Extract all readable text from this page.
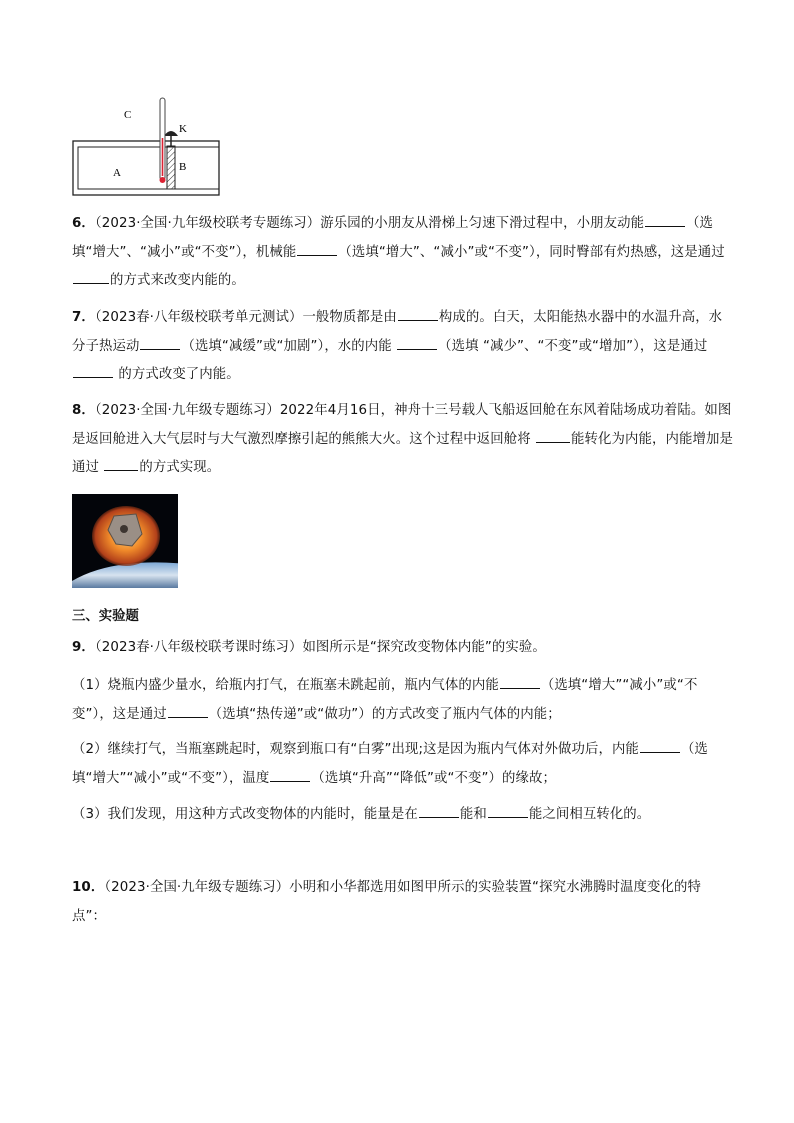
C
K
A	B

6．（2023·全国·九年级校联考专题练习）游乐园的小朋友从滑梯上匀速下滑过程中，小朋友动能	（选填“增大”、“减小”或“不变”），机械能	（选填“增大”、“减小”或“不变”），同时臀部有灼热感，这是通过的方式来改变内能的。

7．（2023春·八年级校联考单元测试）一般物质都是由	构成的。白天，太阳能热水器中的水温升高，水分子热运动	（选填“减缓”或“加剧”），水的内能	（选填 “减少”、“不变”或“增加”），这是通过 的方式改变了内能。

8．（2023·全国·九年级专题练习）2022年4月16日，神舟十三号载人飞船返回舱在东风着陆场成功着陆。如图是返回舱进入大气层时与大气激烈摩擦引起的熊熊大火。这个过程中返回舱将	能转化为内能，内能增加是通过	的方式实现。

三、实验题

9．（2023春·八年级校联考课时练习）如图所示是“探究改变物体内能”的实验。

（1）烧瓶内盛少量水，给瓶内打气，在瓶塞未跳起前，瓶内气体的内能	（选填“增大”“减小”或“不变”），这是通过	（选填“热传递”或“做功”）的方式改变了瓶内气体的内能；

（2）继续打气，当瓶塞跳起时，观察到瓶口有“白雾”出现;这是因为瓶内气体对外做功后，内能	（选填“增大”“减小”或“不变”），温度	（选填“升高”“降低”或“不变”）的缘故；

（3）我们发现，用这种方式改变物体的内能时，能量是在	能和	能之间相互转化的。

10．（2023·全国·九年级专题练习）小明和小华都选用如图甲所示的实验装置“探究水沸腾时温度变化的特点”：
